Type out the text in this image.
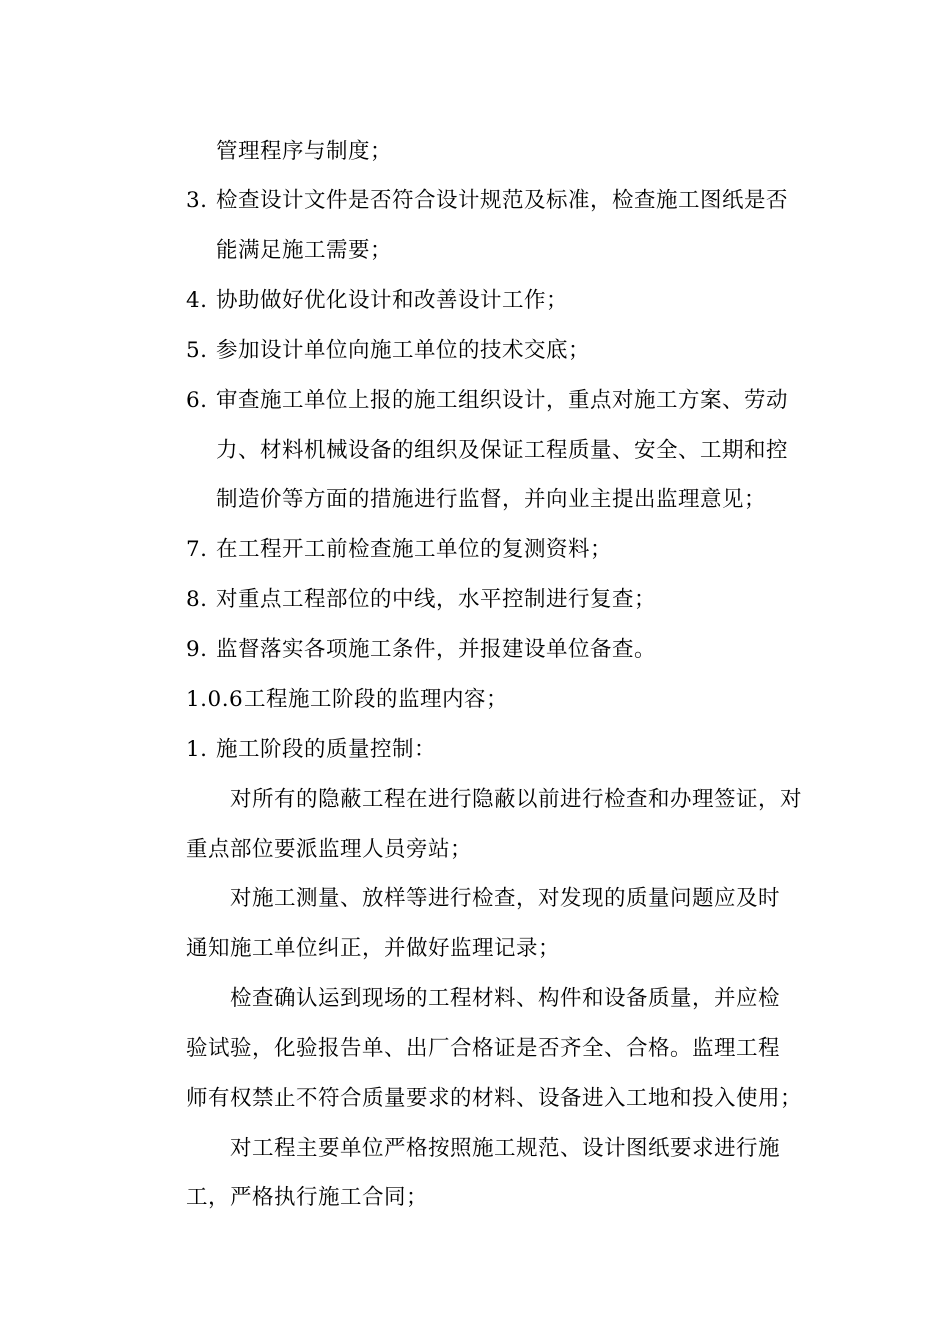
管理程序与制度；
3. 检查设计文件是否符合设计规范及标准，检查施工图纸是否
能满足施工需要；
4. 协助做好优化设计和改善设计工作；
5. 参加设计单位向施工单位的技术交底；
6. 审查施工单位上报的施工组织设计，重点对施工方案、劳动
力、材料机械设备的组织及保证工程质量、安全、工期和控
制造价等方面的措施进行监督，并向业主提出监理意见；
7. 在工程开工前检查施工单位的复测资料；
8. 对重点工程部位的中线，水平控制进行复查；
9. 监督落实各项施工条件，并报建设单位备查。
1.0.6工程施工阶段的监理内容；
1. 施工阶段的质量控制：
对所有的隐蔽工程在进行隐蔽以前进行检查和办理签证，对
重点部位要派监理人员旁站；
对施工测量、放样等进行检查，对发现的质量问题应及时
通知施工单位纠正，并做好监理记录；
检查确认运到现场的工程材料、构件和设备质量，并应检
验试验，化验报告单、出厂合格证是否齐全、合格。监理工程
师有权禁止不符合质量要求的材料、设备进入工地和投入使用；
对工程主要单位严格按照施工规范、设计图纸要求进行施
工，严格执行施工合同；
